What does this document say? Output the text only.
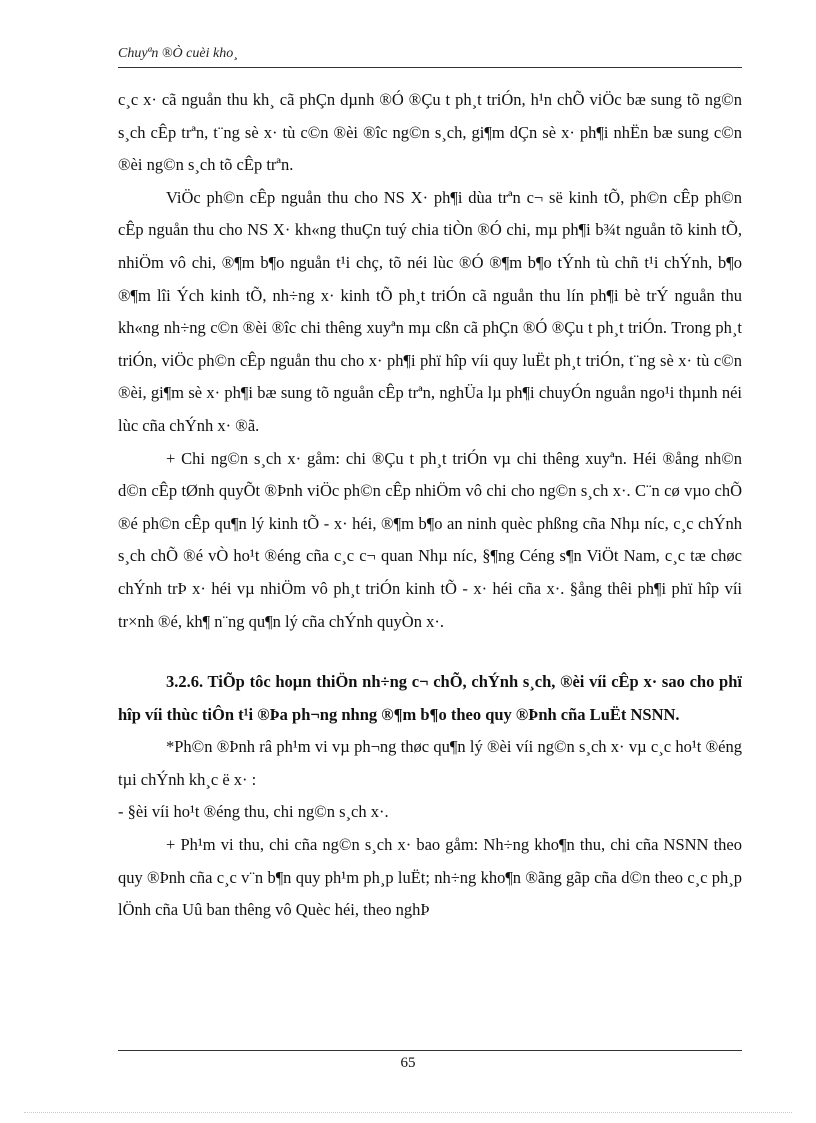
Chuyªn ®Ò cuèi kho¸

c¸c x· cã nguån thu kh¸ cã phÇn dµnh ®Ó ®Çu t ph¸t triÓn, h¹n chÕ viÖc bæ sung tõ ng©n s¸ch cÊp trªn, t¨ng sè x· tù c©n ®èi ®îc ng©n s¸ch, gi¶m dÇn sè x· ph¶i nhËn bæ sung c©n ®èi ng©n s¸ch tõ cÊp trªn.

ViÖc ph©n cÊp nguån thu cho NS X· ph¶i dùa trªn c¬ së kinh tÕ, ph©n cÊp ph©n cÊp nguån thu cho NS X· kh«ng thuÇn tuý chia tiÒn ®Ó chi, mµ ph¶i b¾t nguån tõ kinh tÕ, nhiÖm vô chi, ®¶m b¶o nguån t¹i chç, tõ néi lùc ®Ó ®¶m b¶o tÝnh tù chñ t¹i chÝnh, b¶o ®¶m lîi Ých kinh tÕ, nh÷ng x· kinh tÕ ph¸t triÓn cã nguån thu lín ph¶i bè trÝ nguån thu kh«ng nh÷ng c©n ®èi ®îc chi thêng xuyªn mµ cßn cã phÇn ®Ó ®Çu t ph¸t triÓn. Trong ph¸t triÓn, viÖc ph©n cÊp nguån thu cho x· ph¶i phï hîp víi quy luËt ph¸t triÓn, t¨ng sè x· tù c©n ®èi, gi¶m sè x· ph¶i bæ sung tõ nguån cÊp trªn, nghÜa lµ ph¶i chuyÓn nguån ngo¹i thµnh néi lùc cña chÝnh x· ®ã.

+ Chi ng©n s¸ch x· gåm: chi ®Çu t ph¸t triÓn vµ chi thêng xuyªn. Héi ®ång nh©n d©n cÊp tØnh quyÕt ®Þnh viÖc ph©n cÊp nhiÖm vô chi cho ng©n s¸ch x·. C¨n cø vµo chÕ ®é ph©n cÊp qu¶n lý kinh tÕ - x· héi, ®¶m b¶o an ninh quèc phßng cña Nhµ níc, c¸c chÝnh s¸ch chÕ ®é vÒ ho¹t ®éng cña c¸c c¬ quan Nhµ níc, §¶ng Céng s¶n ViÖt Nam, c¸c tæ chøc chÝnh trÞ x· héi vµ nhiÖm vô ph¸t triÓn kinh tÕ - x· héi cña x·. §ång thêi ph¶i phï hîp víi tr×nh ®é, kh¶ n¨ng qu¶n lý cña chÝnh quyÒn x·.

3.2.6. TiÕp tôc hoµn thiÖn nh÷ng c¬ chÕ, chÝnh s¸ch, ®èi víi cÊp x· sao cho phï hîp víi thùc tiÔn t¹i ®Þa ph¬ng nhng ®¶m b¶o theo quy ®Þnh cña LuËt NSNN.

*Ph©n ®Þnh râ ph¹m vi vµ ph¬ng thøc qu¶n lý ®èi víi ng©n s¸ch x· vµ c¸c ho¹t ®éng tµi chÝnh kh¸c ë x· :

- §èi víi ho¹t ®éng thu, chi ng©n s¸ch x·.

+ Ph¹m vi thu, chi cña ng©n s¸ch x· bao gåm: Nh÷ng kho¶n thu, chi cña NSNN theo quy ®Þnh cña c¸c v¨n b¶n quy ph¹m ph¸p luËt; nh÷ng kho¶n ®ãng gãp cña d©n theo c¸c ph¸p lÖnh cña Uû ban thêng vô Quèc héi, theo nghÞ

65
